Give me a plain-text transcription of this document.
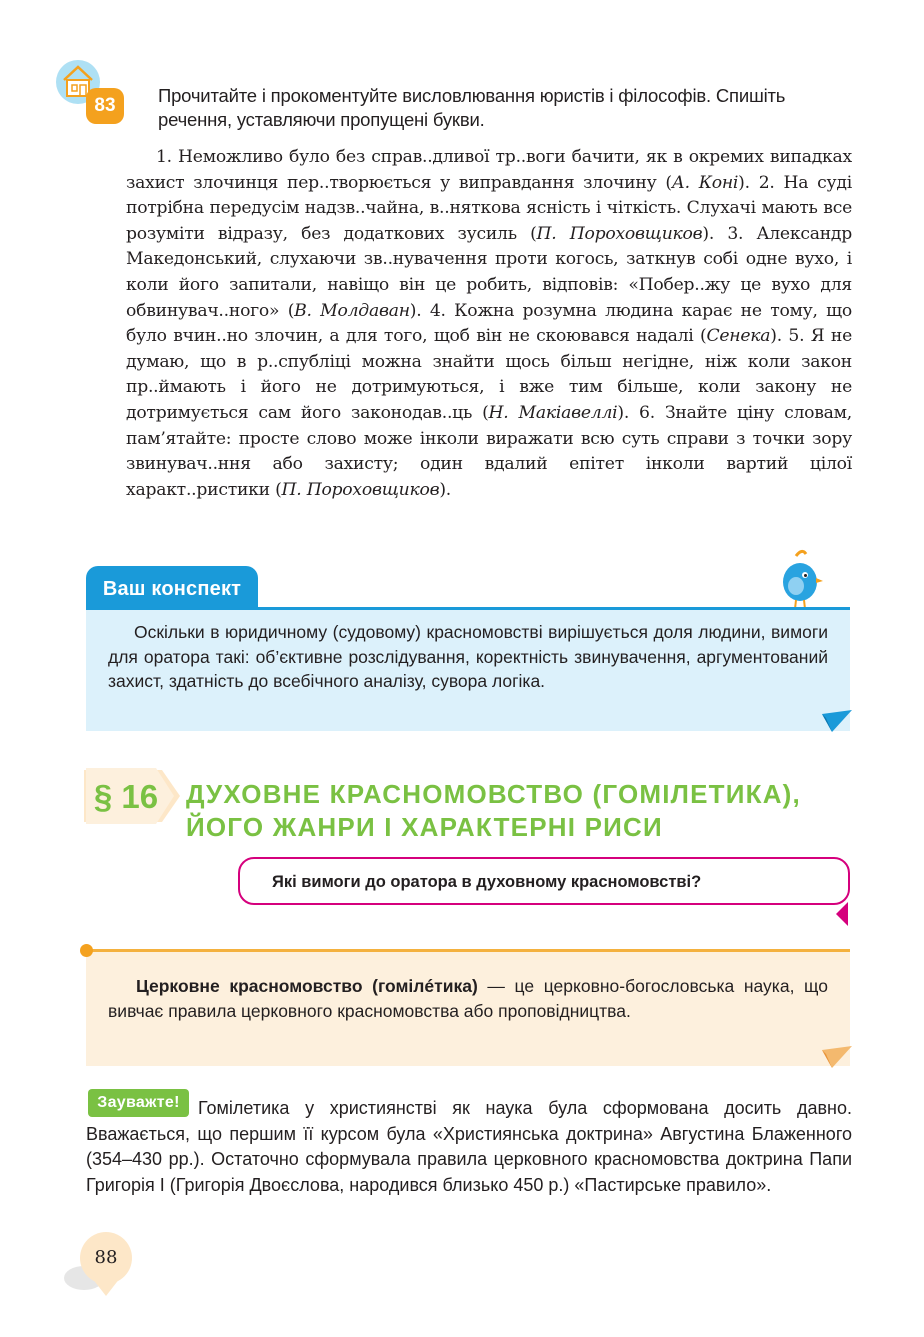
83	Прочитайте і прокоментуйте висловлювання юристів і філософів. Спишіть речення, уставляючи пропущені букви.

1. Неможливо було без справ..дливої тр..воги бачити, як в окремих випадках захист злочинця пер..творюється у виправдання злочину (А. Коні). 2. На суді потрібна передусім надзв..чайна, в..няткова ясність і чіткість. Слухачі мають все розуміти відразу, без додаткових зусиль (П. Пороховщиков). 3. Александр Македонський, слухаючи зв..нувачення проти когось, заткнув собі одне вухо, і коли його запитали, навіщо він це робить, відповів: «Побер..жу це вухо для обвинувач..ного» (В. Молдаван). 4. Кожна розумна людина карає не тому, що було вчин..но злочин, а для того, щоб він не скоювався надалі (Сенека). 5. Я не думаю, що в р..спубліці можна знайти щось більш негідне, ніж коли закон пр..ймають і його не дотримуються, і вже тим більше, коли закону не дотримується сам його законодав..ць (Н. Макіавеллі). 6. Знайте ціну словам, пам’ятайте: просте слово може інколи виражати всю суть справи з точки зору звинувач..ння або захисту; один вдалий епітет інколи вартий цілої характ..ристики (П. Пороховщиков).

Ваш конспект

Оскільки в юридичному (судовому) красномовстві вирішується доля людини, вимоги для оратора такі: об’єктивне розслідування, коректність звинувачення, аргументований захист, здатність до всебічного аналізу, сувора логіка.

§ 16 ДУХОВНЕ КРАСНОМОВСТВО (ГОМІЛЕТИКА),
ЙОГО ЖАНРИ І ХАРАКТЕРНІ РИСИ
Які вимоги до оратора в духовному красномовстві?

Церковне красномовство (гомілéтика) — це церковно-богословська наука, що вивчає правила церковного красномовства або проповідництва.

Гомілетика у християнстві як наука була сформована досить давно. Вважається, що першим її курсом була «Християнська доктрина» Августина Блаженного (354–430 рр.). Остаточно сформувала правила церковного красномовства доктрина Папи Григорія I (Григорія Двоєслова, народився близько 450 р.) «Пастирське правило».

Зауважте!
88
